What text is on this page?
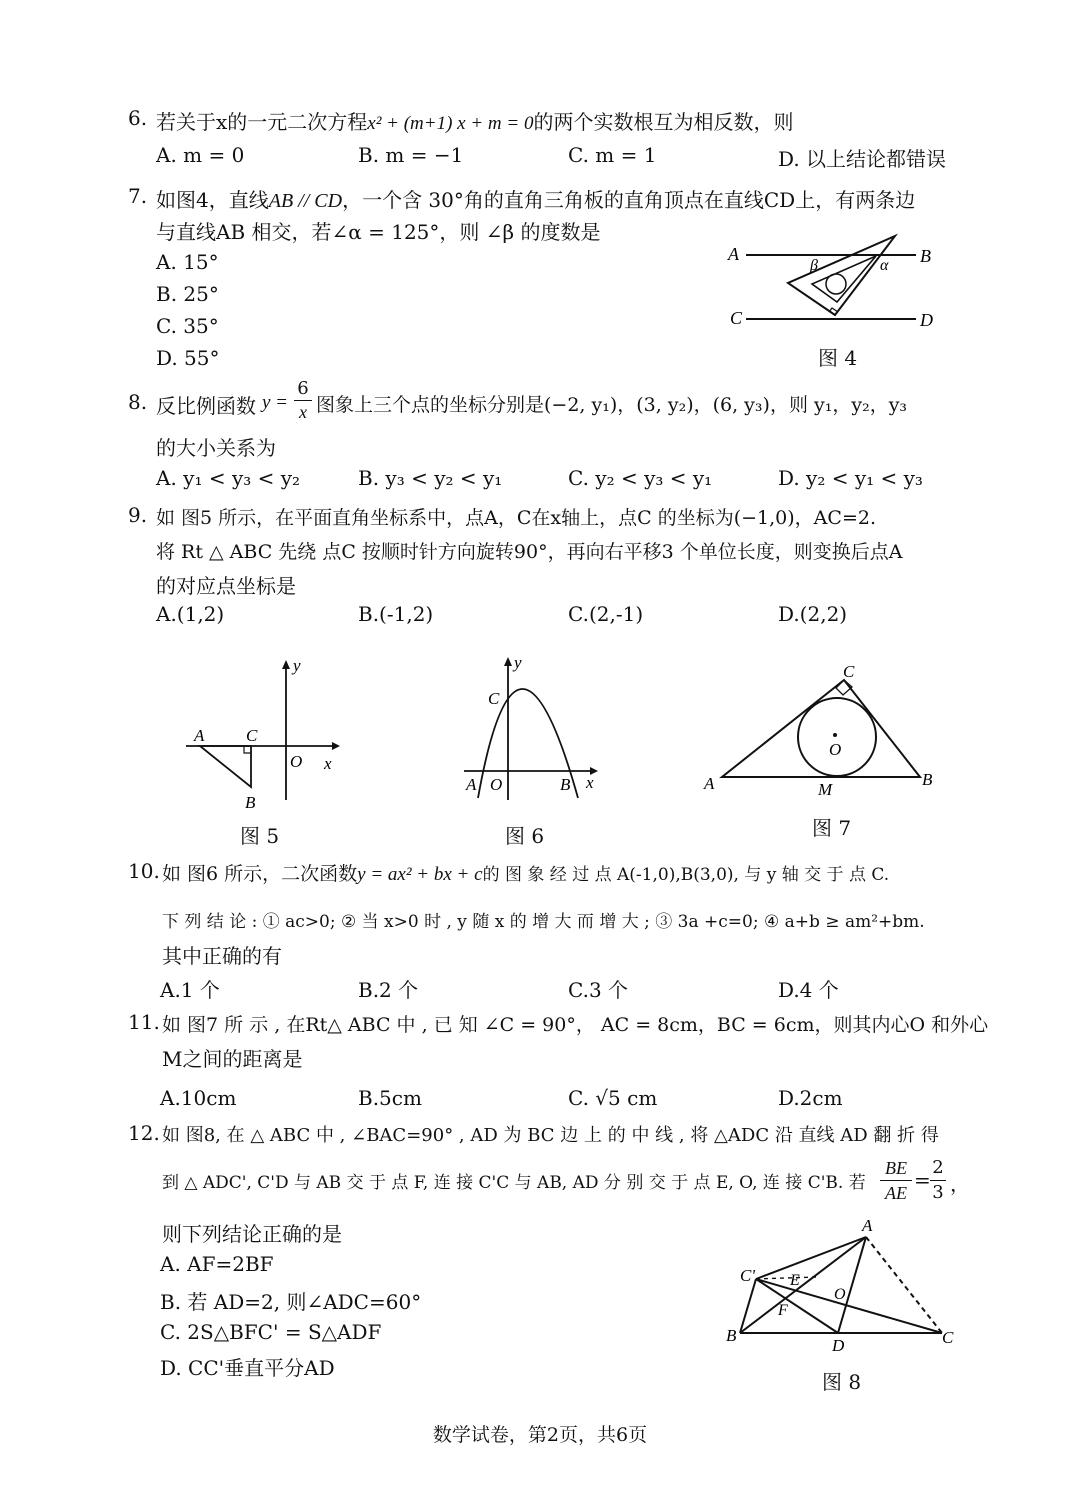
6. 若关于x的一元二次方程x² + (m+1) x + m = 0的两个实数根互为相反数，则
A. m = 0	B. m = −1	C. m = 1	D. 以上结论都错误
7. 如图4，直线AB // CD，一个含 30°角的直角三角板的直角顶点在直线CD上，有两条边
与直线AB 相交，若∠α = 125°，则 ∠β 的度数是
A. 15°
B. 25°
C. 35°
D. 55°
A	B
C	D
β	α
图 4
8. 反比例函数 y =
6
x 图象上三个点的坐标分别是(−2, y₁)，(3, y₂)，(6, y₃)，则 y₁，y₂，y₃
的大小关系为
A. y₁ < y₃ < y₂	B. y₃ < y₂ < y₁	C. y₂ < y₃ < y₁	D. y₂ < y₁ < y₃
9. 如 图5 所示，在平面直角坐标系中，点A，C在x轴上，点C 的坐标为(−1,0)，AC=2.
将 Rt △ ABC 先绕 点C 按顺时针方向旋转90°，再向右平移3 个单位长度，则变换后点A
的对应点坐标是
A.(1,2)	B.(-1,2)	C.(2,-1)	D.(2,2)
y
A C
O x
B
图 5
y
C
A O	B x
图 6
C
O
A	B
M
图 7
10. 如 图6 所示，二次函数y = ax² + bx + c的 图 象 经 过 点 A(-1,0),B(3,0), 与 y 轴 交 于 点 C.
下 列 结 论 : ① ac>0; ② 当 x>0 时 , y 随 x 的 增 大 而 增 大 ; ③ 3a +c=0; ④ a+b ≥ am²+bm.
其中正确的有
A.1 个	B.2 个	C.3 个	D.4 个
11. 如 图7 所 示 , 在Rt△ ABC 中 , 已 知 ∠C = 90°， AC = 8cm，BC = 6cm，则其内心O 和外心
M之间的距离是
A.10cm	B.5cm	C. √5 cm	D.2cm
12. 如 图8, 在 △ ABC 中 , ∠BAC=90° , AD 为 BC 边 上 的 中 线 , 将 △ADC 沿 直线 AD 翻 折 得
到 △ ADC', C'D 与 AB 交 于 点 F, 连 接 C'C 与 AB, AD 分 别 交 于 点 E, O, 连 接 C'B. 若
BE
AE
=
2
3 ，
则下列结论正确的是
A. AF=2BF
B. 若 AD=2, 则∠ADC=60°
C. 2S△BFC' = S△ADF
D. CC'垂直平分AD
A
C' E
O
F
B
D	C
图 8
数学试卷，第2页，共6页
